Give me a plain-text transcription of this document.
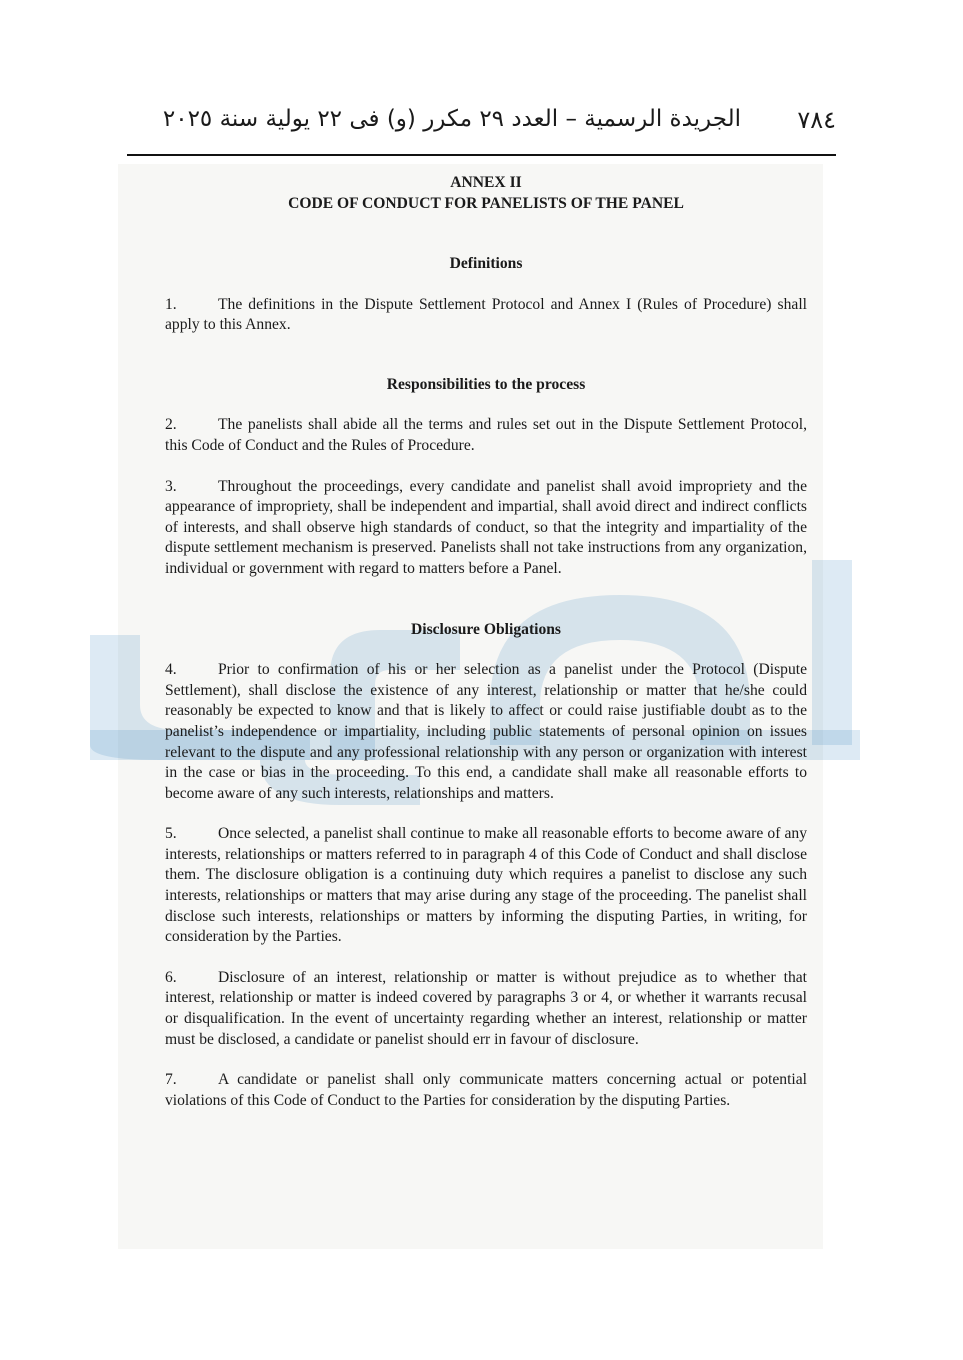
٧٨٤
الجريدة الرسمية – العدد ٢٩ مكرر (و) فى ٢٢ يولية سنة ٢٠٢٥

ANNEX II

CODE OF CONDUCT FOR PANELISTS OF THE PANEL

Definitions

1.	The definitions in the Dispute Settlement Protocol and Annex I (Rules of Procedure) shall apply to this Annex.

Responsibilities to the process

2.	The panelists shall abide all the terms and rules set out in the Dispute Settlement Protocol, this Code of Conduct and the Rules of Procedure.

3.	Throughout the proceedings, every candidate and panelist shall avoid impropriety and the appearance of impropriety, shall be independent and impartial, shall avoid direct and indirect conflicts of interests, and shall observe high standards of conduct, so that the integrity and impartiality of the dispute settlement mechanism is preserved. Panelists shall not take instructions from any organization, individual or government with regard to matters before a Panel.

Disclosure Obligations

4.	Prior to confirmation of his or her selection as a panelist under the Protocol (Dispute Settlement), shall disclose the existence of any interest, relationship or matter that he/she could reasonably be expected to know and that is likely to affect or could raise justifiable doubt as to the panelist’s independence or impartiality, including public statements of personal opinion on issues relevant to the dispute and any professional relationship with any person or organization with interest in the case or bias in the proceeding. To this end, a candidate shall make all reasonable efforts to become aware of any such interests, relationships and matters.

5.	Once selected, a panelist shall continue to make all reasonable efforts to become aware of any interests, relationships or matters referred to in paragraph 4 of this Code of Conduct and shall disclose them. The disclosure obligation is a continuing duty which requires a panelist to disclose any such interests, relationships or matters that may arise during any stage of the proceeding. The panelist shall disclose such interests, relationships or matters by informing the disputing Parties, in writing, for consideration by the Parties.

6.	Disclosure of an interest, relationship or matter is without prejudice as to whether that interest, relationship or matter is indeed covered by paragraphs 3 or 4, or whether it warrants recusal or disqualification. In the event of uncertainty regarding whether an interest, relationship or matter must be disclosed, a candidate or panelist should err in favour of disclosure.

7.	A candidate or panelist shall only communicate matters concerning actual or potential violations of this Code of Conduct to the Parties for consideration by the disputing Parties.
